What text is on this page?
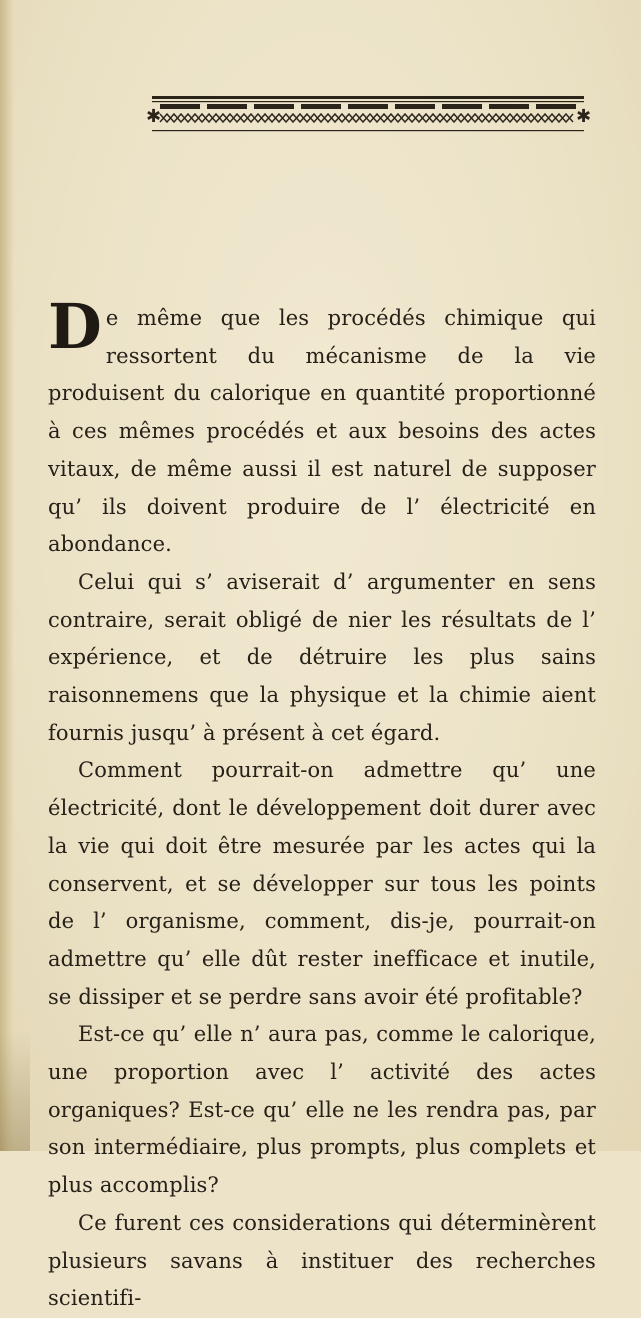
✱	✱

De même que les procédés chimique qui ressortent du mécanisme de la vie produisent du calorique en quantité proportionné à ces mêmes procédés et aux besoins des actes vitaux, de même aussi il est naturel de supposer qu’ ils doivent produire de l’ électricité en abondance.

Celui qui s’ aviserait d’ argumenter en sens contraire, serait obligé de nier les résultats de l’ expérience, et de détruire les plus sains raisonnemens que la physique et la chimie aient fournis jusqu’ à présent à cet égard.

Comment pourrait-on admettre qu’ une électricité, dont le développement doit durer avec la vie qui doit être mesurée par les actes qui la conservent, et se développer sur tous les points de l’ organisme, comment, dis-je, pourrait-on admettre qu’ elle dût rester inefficace et inutile, se dissiper et se perdre sans avoir été profitable?

Est-ce qu’ elle n’ aura pas, comme le calorique, une proportion avec l’ activité des actes organiques? Est-ce qu’ elle ne les rendra pas, par son intermédiaire, plus prompts, plus complets et plus accomplis?

Ce furent ces considerations qui déterminèrent plusieurs savans à instituer des recherches scientifi-
